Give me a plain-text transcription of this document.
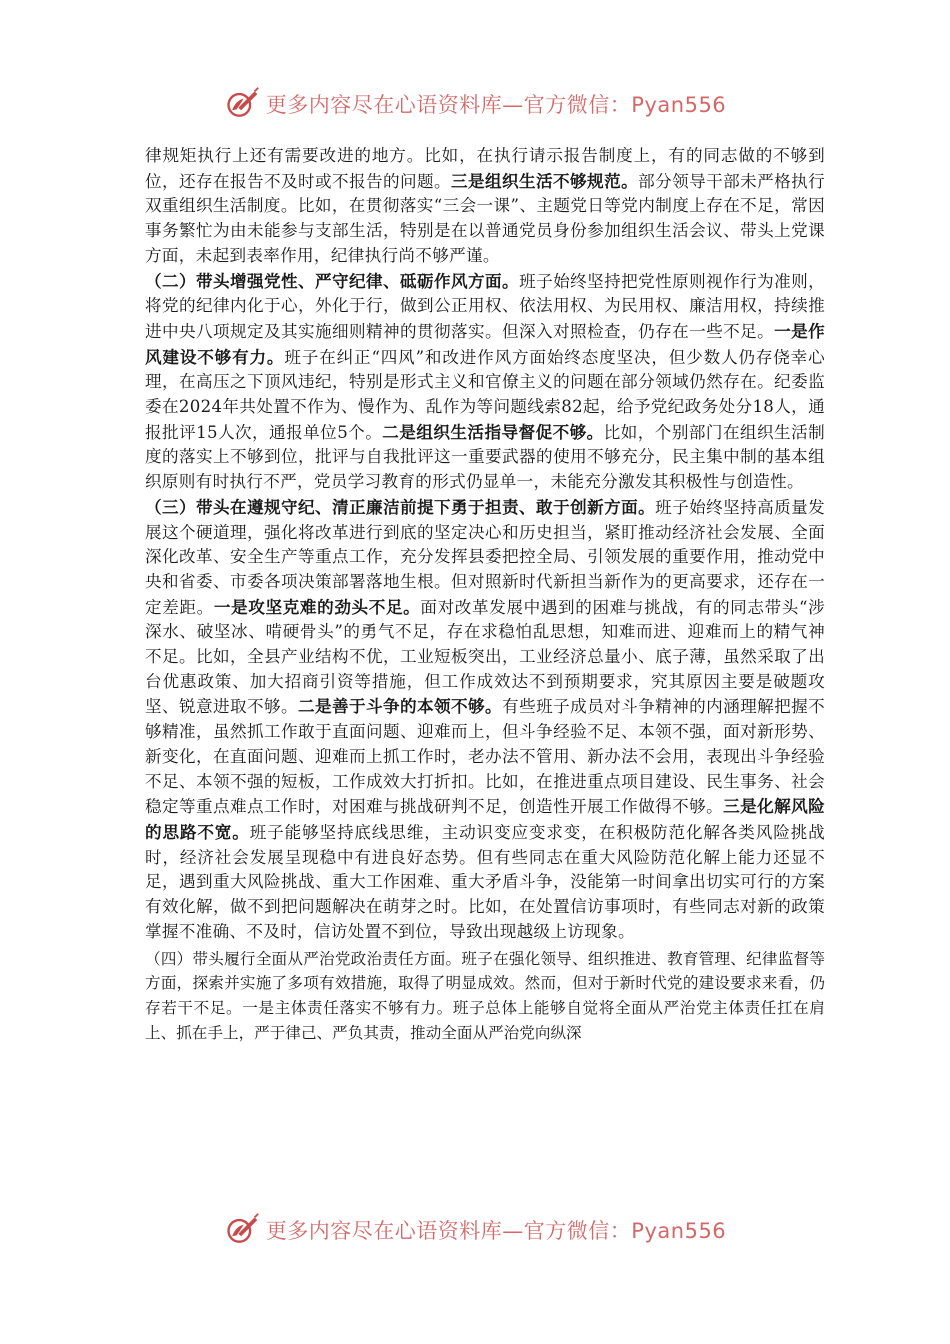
更多内容尽在心语资料库—官方微信：Pyan556

律规矩执行上还有需要改进的地方。比如，在执行请示报告制度上，有的同志做的不够到位，还存在报告不及时或不报告的问题。三是组织生活不够规范。部分领导干部未严格执行双重组织生活制度。比如，在贯彻落实“三会一课”、主题党日等党内制度上存在不足，常因事务繁忙为由未能参与支部生活，特别是在以普通党员身份参加组织生活会议、带头上党课方面，未起到表率作用，纪律执行尚不够严谨。

（二）带头增强党性、严守纪律、砥砺作风方面。班子始终坚持把党性原则视作行为准则，将党的纪律内化于心，外化于行，做到公正用权、依法用权、为民用权、廉洁用权，持续推进中央八项规定及其实施细则精神的贯彻落实。但深入对照检查，仍存在一些不足。一是作风建设不够有力。班子在纠正“四风”和改进作风方面始终态度坚决，但少数人仍存侥幸心理，在高压之下顶风违纪，特别是形式主义和官僚主义的问题在部分领域仍然存在。纪委监委在2024年共处置不作为、慢作为、乱作为等问题线索82起，给予党纪政务处分18人，通报批评15人次，通报单位5个。二是组织生活指导督促不够。比如，个别部门在组织生活制度的落实上不够到位，批评与自我批评这一重要武器的使用不够充分，民主集中制的基本组织原则有时执行不严，党员学习教育的形式仍显单一，未能充分激发其积极性与创造性。

（三）带头在遵规守纪、清正廉洁前提下勇于担责、敢于创新方面。班子始终坚持高质量发展这个硬道理，强化将改革进行到底的坚定决心和历史担当，紧盯推动经济社会发展、全面深化改革、安全生产等重点工作，充分发挥县委把控全局、引领发展的重要作用，推动党中央和省委、市委各项决策部署落地生根。但对照新时代新担当新作为的更高要求，还存在一定差距。一是攻坚克难的劲头不足。面对改革发展中遇到的困难与挑战，有的同志带头“涉深水、破坚冰、啃硬骨头”的勇气不足，存在求稳怕乱思想，知难而进、迎难而上的精气神不足。比如，全县产业结构不优，工业短板突出，工业经济总量小、底子薄，虽然采取了出台优惠政策、加大招商引资等措施，但工作成效达不到预期要求，究其原因主要是破题攻坚、锐意进取不够。二是善于斗争的本领不够。有些班子成员对斗争精神的内涵理解把握不够精准，虽然抓工作敢于直面问题、迎难而上，但斗争经验不足、本领不强，面对新形势、新变化，在直面问题、迎难而上抓工作时，老办法不管用、新办法不会用，表现出斗争经验不足、本领不强的短板，工作成效大打折扣。比如，在推进重点项目建设、民生事务、社会稳定等重点难点工作时，对困难与挑战研判不足，创造性开展工作做得不够。三是化解风险的思路不宽。班子能够坚持底线思维，主动识变应变求变，在积极防范化解各类风险挑战时，经济社会发展呈现稳中有进良好态势。但有些同志在重大风险防范化解上能力还显不足，遇到重大风险挑战、重大工作困难、重大矛盾斗争，没能第一时间拿出切实可行的方案有效化解，做不到把问题解决在萌芽之时。比如，在处置信访事项时，有些同志对新的政策掌握不准确、不及时，信访处置不到位，导致出现越级上访现象。

（四）带头履行全面从严治党政治责任方面。班子在强化领导、组织推进、教育管理、纪律监督等方面，探索并实施了多项有效措施，取得了明显成效。然而，但对于新时代党的建设要求来看，仍存若干不足。一是主体责任落实不够有力。班子总体上能够自觉将全面从严治党主体责任扛在肩上、抓在手上，严于律己、严负其责，推动全面从严治党向纵深

更多内容尽在心语资料库—官方微信：Pyan556
